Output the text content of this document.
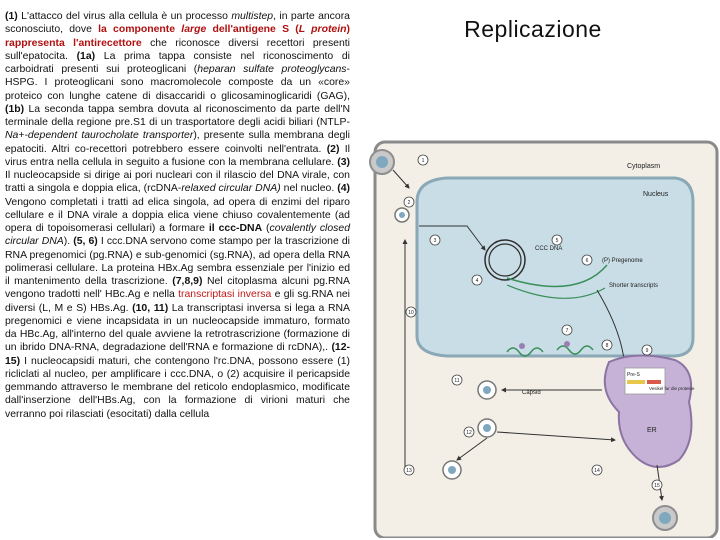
Replicazione

(1) L'attacco del virus alla cellula è un processo multistep, in parte ancora sconosciuto, dove la componente large dell'antigene S (L protein) rappresenta l'antirecettore che riconosce diversi recettori presenti sull'epatocita. (1a) La prima tappa consiste nel riconoscimento di carboidrati presenti sui proteoglicani (heparan sulfate proteoglycans-HSPG. I proteoglicani sono macromolecole composte da un «core» proteico con lunghe catene di disaccaridi o glicosaminoglicaridi (GAG), (1b) La seconda tappa sembra dovuta al riconoscimento da parte dell'N terminale della regione pre.S1 di un trasportatore degli acidi biliari (NTLP-Na+-dependent taurocholate transporter), presente sulla membrana degli epatociti. Altri co-recettori potrebbero essere coinvolti nell'entrata. (2) Il virus entra nella cellula in seguito a fusione con la membrana cellulare. (3) Il nucleocapside si dirige ai pori nucleari con il rilascio del DNA virale, con tratti a singola e doppia elica, (rcDNA-relaxed circular DNA) nel nucleo. (4) Vengono completati i tratti ad elica singola, ad opera di enzimi del riparo cellulare e il DNA virale a doppia elica viene chiuso covalentemente (ad opera di topoisomerasi cellulari) a formare il ccc-DNA (covalently closed circular DNA). (5, 6) I ccc.DNA servono come stampo per la trascrizione di RNA pregenomici (pg.RNA) e sub-genomici (sg.RNA), ad opera della RNA polimerasi cellulare. La proteina HBx.Ag sembra essenziale per l'inizio ed il mantenimento della trascrizione. (7,8,9) Nel citoplasma alcuni pg.RNA vengono tradotti nell' HBc.Ag e nella transcriptasi inversa e gli sg.RNA nei diversi (L, M e S) HBs.Ag. (10, 11) La transcriptasi inversa si lega a RNA pregenomici e viene incapsidata in un nucleocapside immaturo, formato da HBc.Ag, all'interno del quale avviene la retrotrascrizione (formazione di un ibrido DNA-RNA, degradazione dell'RNA e formazione di rcDNA),. (12-15) I nucleocapsidi maturi, che contengono l'rc.DNA, possono essere (1) ricliclati al nucleo, per amplificare i ccc.DNA, o (2) acquisire il pericapside gemmando attraverso le membrane del reticolo endoplasmico, modificate dall'inserzione dell'HBs.Ag, con la formazione di virioni maturi che verranno poi rilasciati (esocitati) dalla cellula

Cytoplasm
Nucleus
CCC DNA
(P) Pregenome
Shorter transcripts
ER
Pre-S
Vesikel fur die proteine
Capsid
1
2
3
4
5
6
7
8
9
10
11
12
13	14
15
